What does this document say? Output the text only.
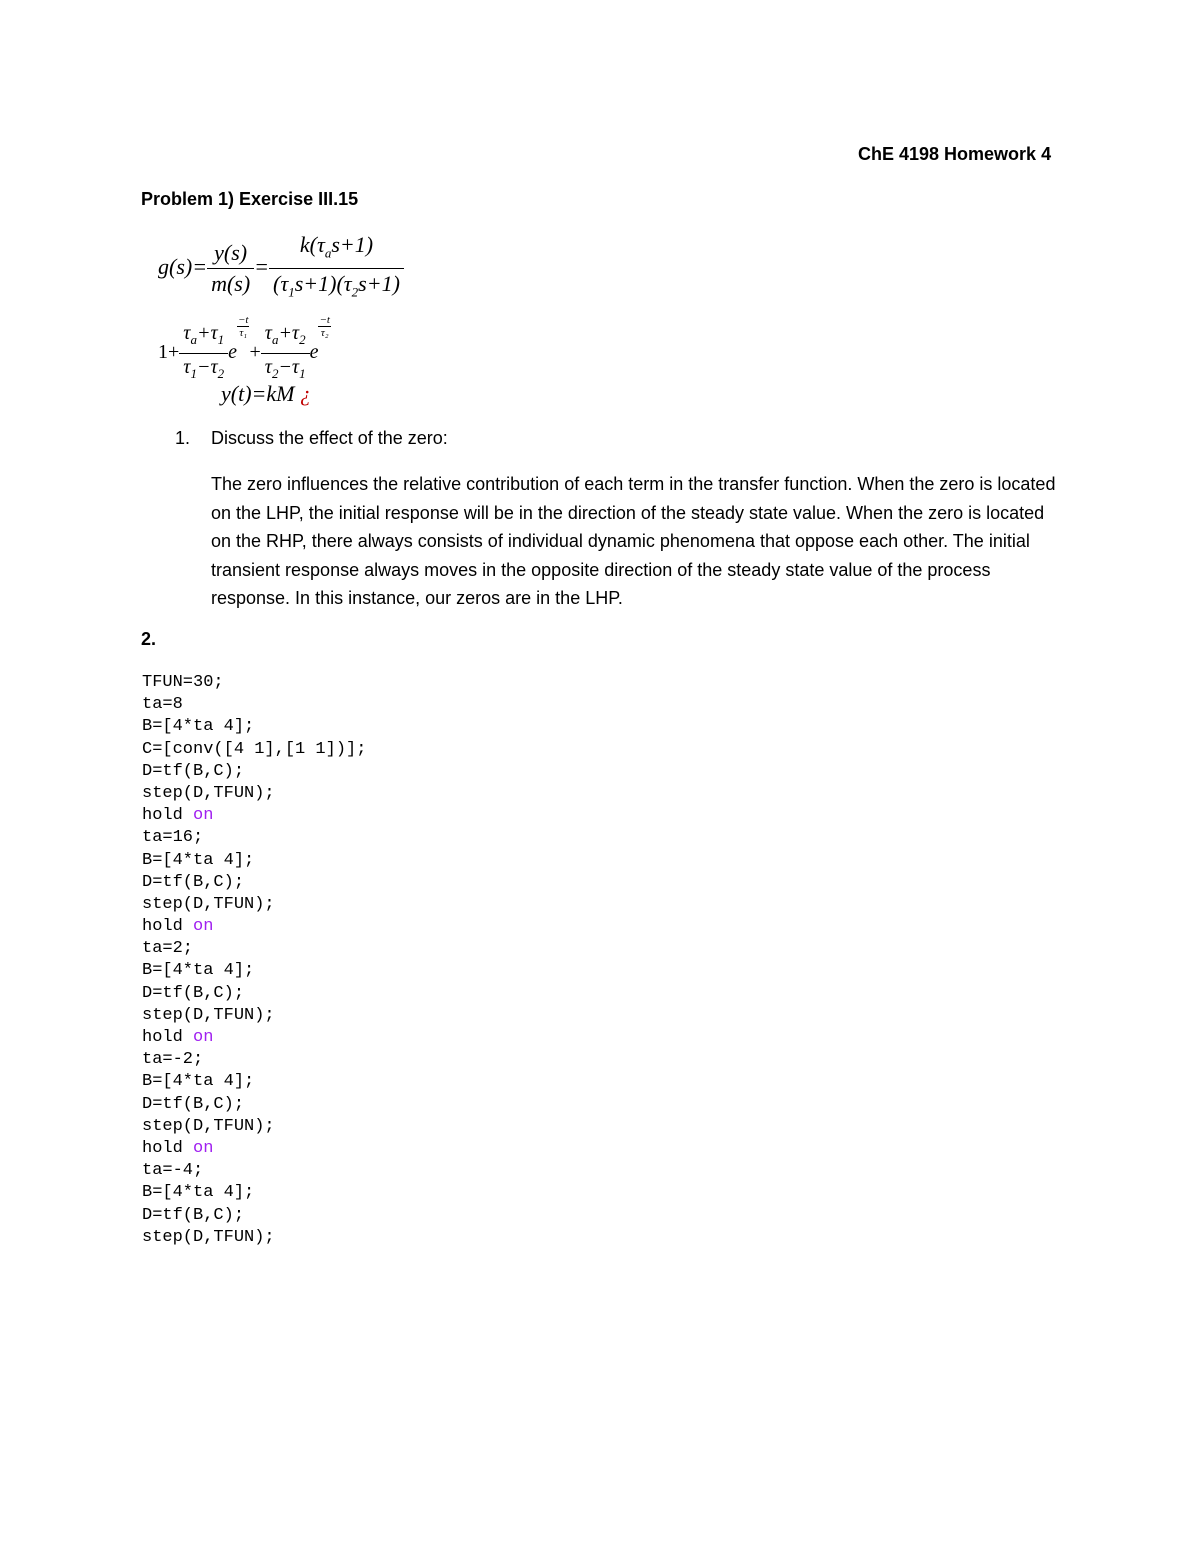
ChE 4198 Homework 4
Problem 1) Exercise III.15
$g(s)= \frac{y(s)}{m(s)} = \frac{k(\tau_as+1)}{(\tau_1s+1)(\tau_2s+1)}$
$1+ \frac{\tau_a+\tau_1}{\tau_1-\tau_2}$ e
$\frac{-t}{\text{τ₁}}$
+ $\frac{\tau_a+\tau_2}{\tau_2-\tau_1}$ e
$\frac{-t}{\text{τ₂}}$
y(t)=kM ¿
1. Discuss the effect of the zero:
The zero influences the relative contribution of each term in the transfer function. When the zero is located on the LHP, the initial response will be in the direction of the steady state value. When the zero is located on the RHP, there always consists of individual dynamic phenomena that oppose each other. The initial transient response always moves in the opposite direction of the steady state value of the process response. In this instance, our zeros are in the LHP.
2.
TFUN=30;
ta=8
B=[4*ta 4];
C=[conv([4 1],[1 1])];
D=tf(B,C);
step(D,TFUN);
hold on
ta=16;
B=[4*ta 4];
D=tf(B,C);
step(D,TFUN);
hold on
ta=2;
B=[4*ta 4];
D=tf(B,C);
step(D,TFUN);
hold on
ta=-2;
B=[4*ta 4];
D=tf(B,C);
step(D,TFUN);
hold on
ta=-4;
B=[4*ta 4];
D=tf(B,C);
step(D,TFUN);
